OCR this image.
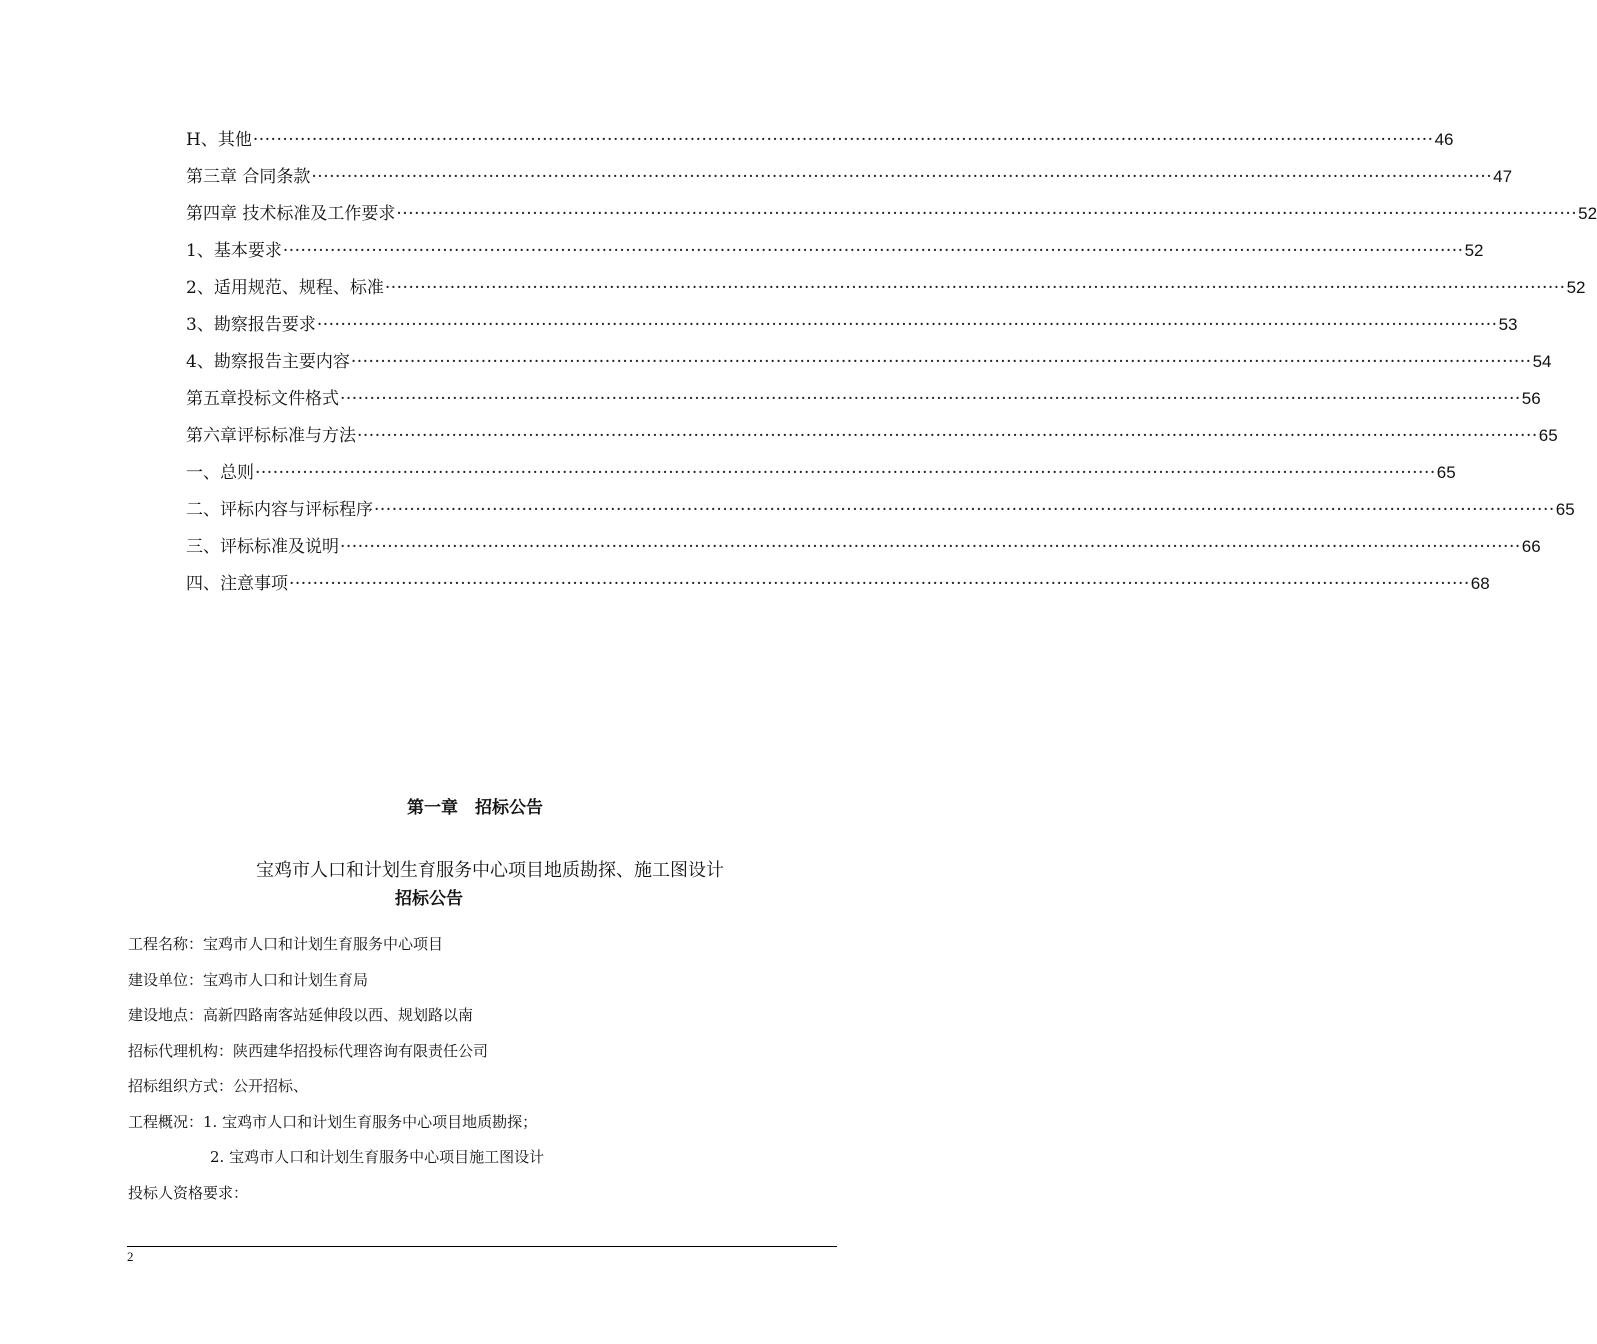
H、其他 ········································································································································································································ 46
第三章 合同条款 ········································································································································································································ 47
第四章 技术标准及工作要求 ········································································································································································································ 52
1、基本要求 ········································································································································································································ 52
2、适用规范、规程、标准 ········································································································································································································ 52
3、勘察报告要求 ········································································································································································································ 53
4、勘察报告主要内容 ········································································································································································································ 54
第五章投标文件格式 ········································································································································································································ 56
第六章评标标准与方法 ········································································································································································································ 65
一、总则 ········································································································································································································ 65
二、评标内容与评标程序 ········································································································································································································ 65
三、评标标准及说明 ········································································································································································································ 66
四、注意事项 ········································································································································································································ 68
第一章　招标公告
宝鸡市人口和计划生育服务中心项目地质勘探、施工图设计
招标公告
工程名称：宝鸡市人口和计划生育服务中心项目
建设单位：宝鸡市人口和计划生育局
建设地点：高新四路南客站延伸段以西、规划路以南
招标代理机构：陕西建华招投标代理咨询有限责任公司
招标组织方式：公开招标、
工程概况：1. 宝鸡市人口和计划生育服务中心项目地质勘探；
2. 宝鸡市人口和计划生育服务中心项目施工图设计
投标人资格要求：
2
